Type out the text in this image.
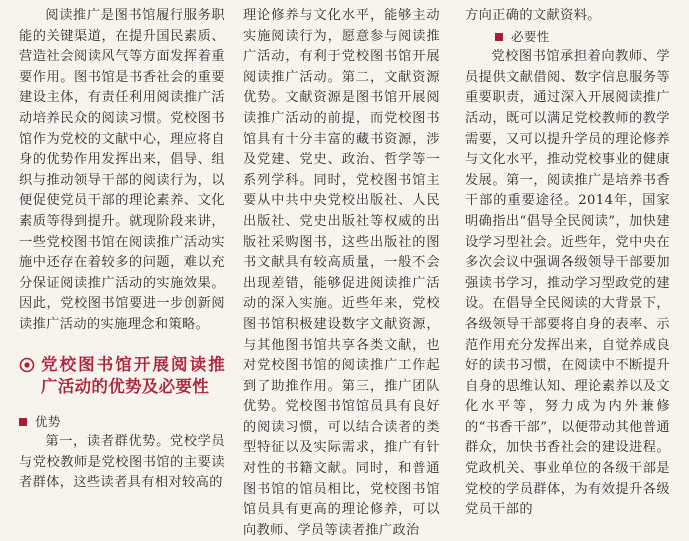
阅读推广是图书馆履行服务职能的关键渠道，在提升国民素质、营造社会阅读风气等方面发挥着重要作用。图书馆是书香社会的重要建设主体，有责任利用阅读推广活动培养民众的阅读习惯。党校图书馆作为党校的文献中心，理应将自身的优势作用发挥出来，倡导、组织与推动领导干部的阅读行为，以便促使党员干部的理论素养、文化素质等得到提升。就现阶段来讲，一些党校图书馆在阅读推广活动实施中还存在着较多的问题，难以充分保证阅读推广活动的实施效果。因此，党校图书馆要进一步创新阅读推广活动的实施理念和策略。

党校图书馆开展阅读推广活动的优势及必要性
优势

第一，读者群优势。党校学员与党校教师是党校图书馆的主要读者群体，这些读者具有相对较高的

理论修养与文化水平，能够主动实施阅读行为，愿意参与阅读推广活动，有利于党校图书馆开展阅读推广活动。第二，文献资源优势。文献资源是图书馆开展阅读推广活动的前提，而党校图书馆具有十分丰富的藏书资源，涉及党建、党史、政治、哲学等一系列学科。同时，党校图书馆主要从中共中央党校出版社、人民出版社、党史出版社等权威的出版社采购图书，这些出版社的图书文献具有较高质量，一般不会出现差错，能够促进阅读推广活动的深入实施。近些年来，党校图书馆积极建设数字文献资源，与其他图书馆共享各类文献，也对党校图书馆的阅读推广工作起到了助推作用。第三，推广团队优势。党校图书馆馆员具有良好的阅读习惯，可以结合读者的类型特征以及实际需求，推广有针对性的书籍文献。同时，和普通图书馆的馆员相比，党校图书馆馆员具有更高的理论修养，可以向教师、学员等读者推广政治

方向正确的文献资料。

必要性

党校图书馆承担着向教师、学员提供文献借阅、数字信息服务等重要职责，通过深入开展阅读推广活动，既可以满足党校教师的教学需要，又可以提升学员的理论修养与文化水平，推动党校事业的健康发展。第一，阅读推广是培养书香干部的重要途径。2014年，国家明确指出“倡导全民阅读”，加快建设学习型社会。近些年，党中央在多次会议中强调各级领导干部要加强读书学习，推动学习型政党的建设。在倡导全民阅读的大背景下，各级领导干部要将自身的表率、示范作用充分发挥出来，自觉养成良好的读书习惯，在阅读中不断提升自身的思维认知、理论素养以及文化水平等，努力成为内外兼修的“书香干部”，以便带动其他普通群众，加快书香社会的建设进程。党政机关、事业单位的各级干部是党校的学员群体，为有效提升各级党员干部的
